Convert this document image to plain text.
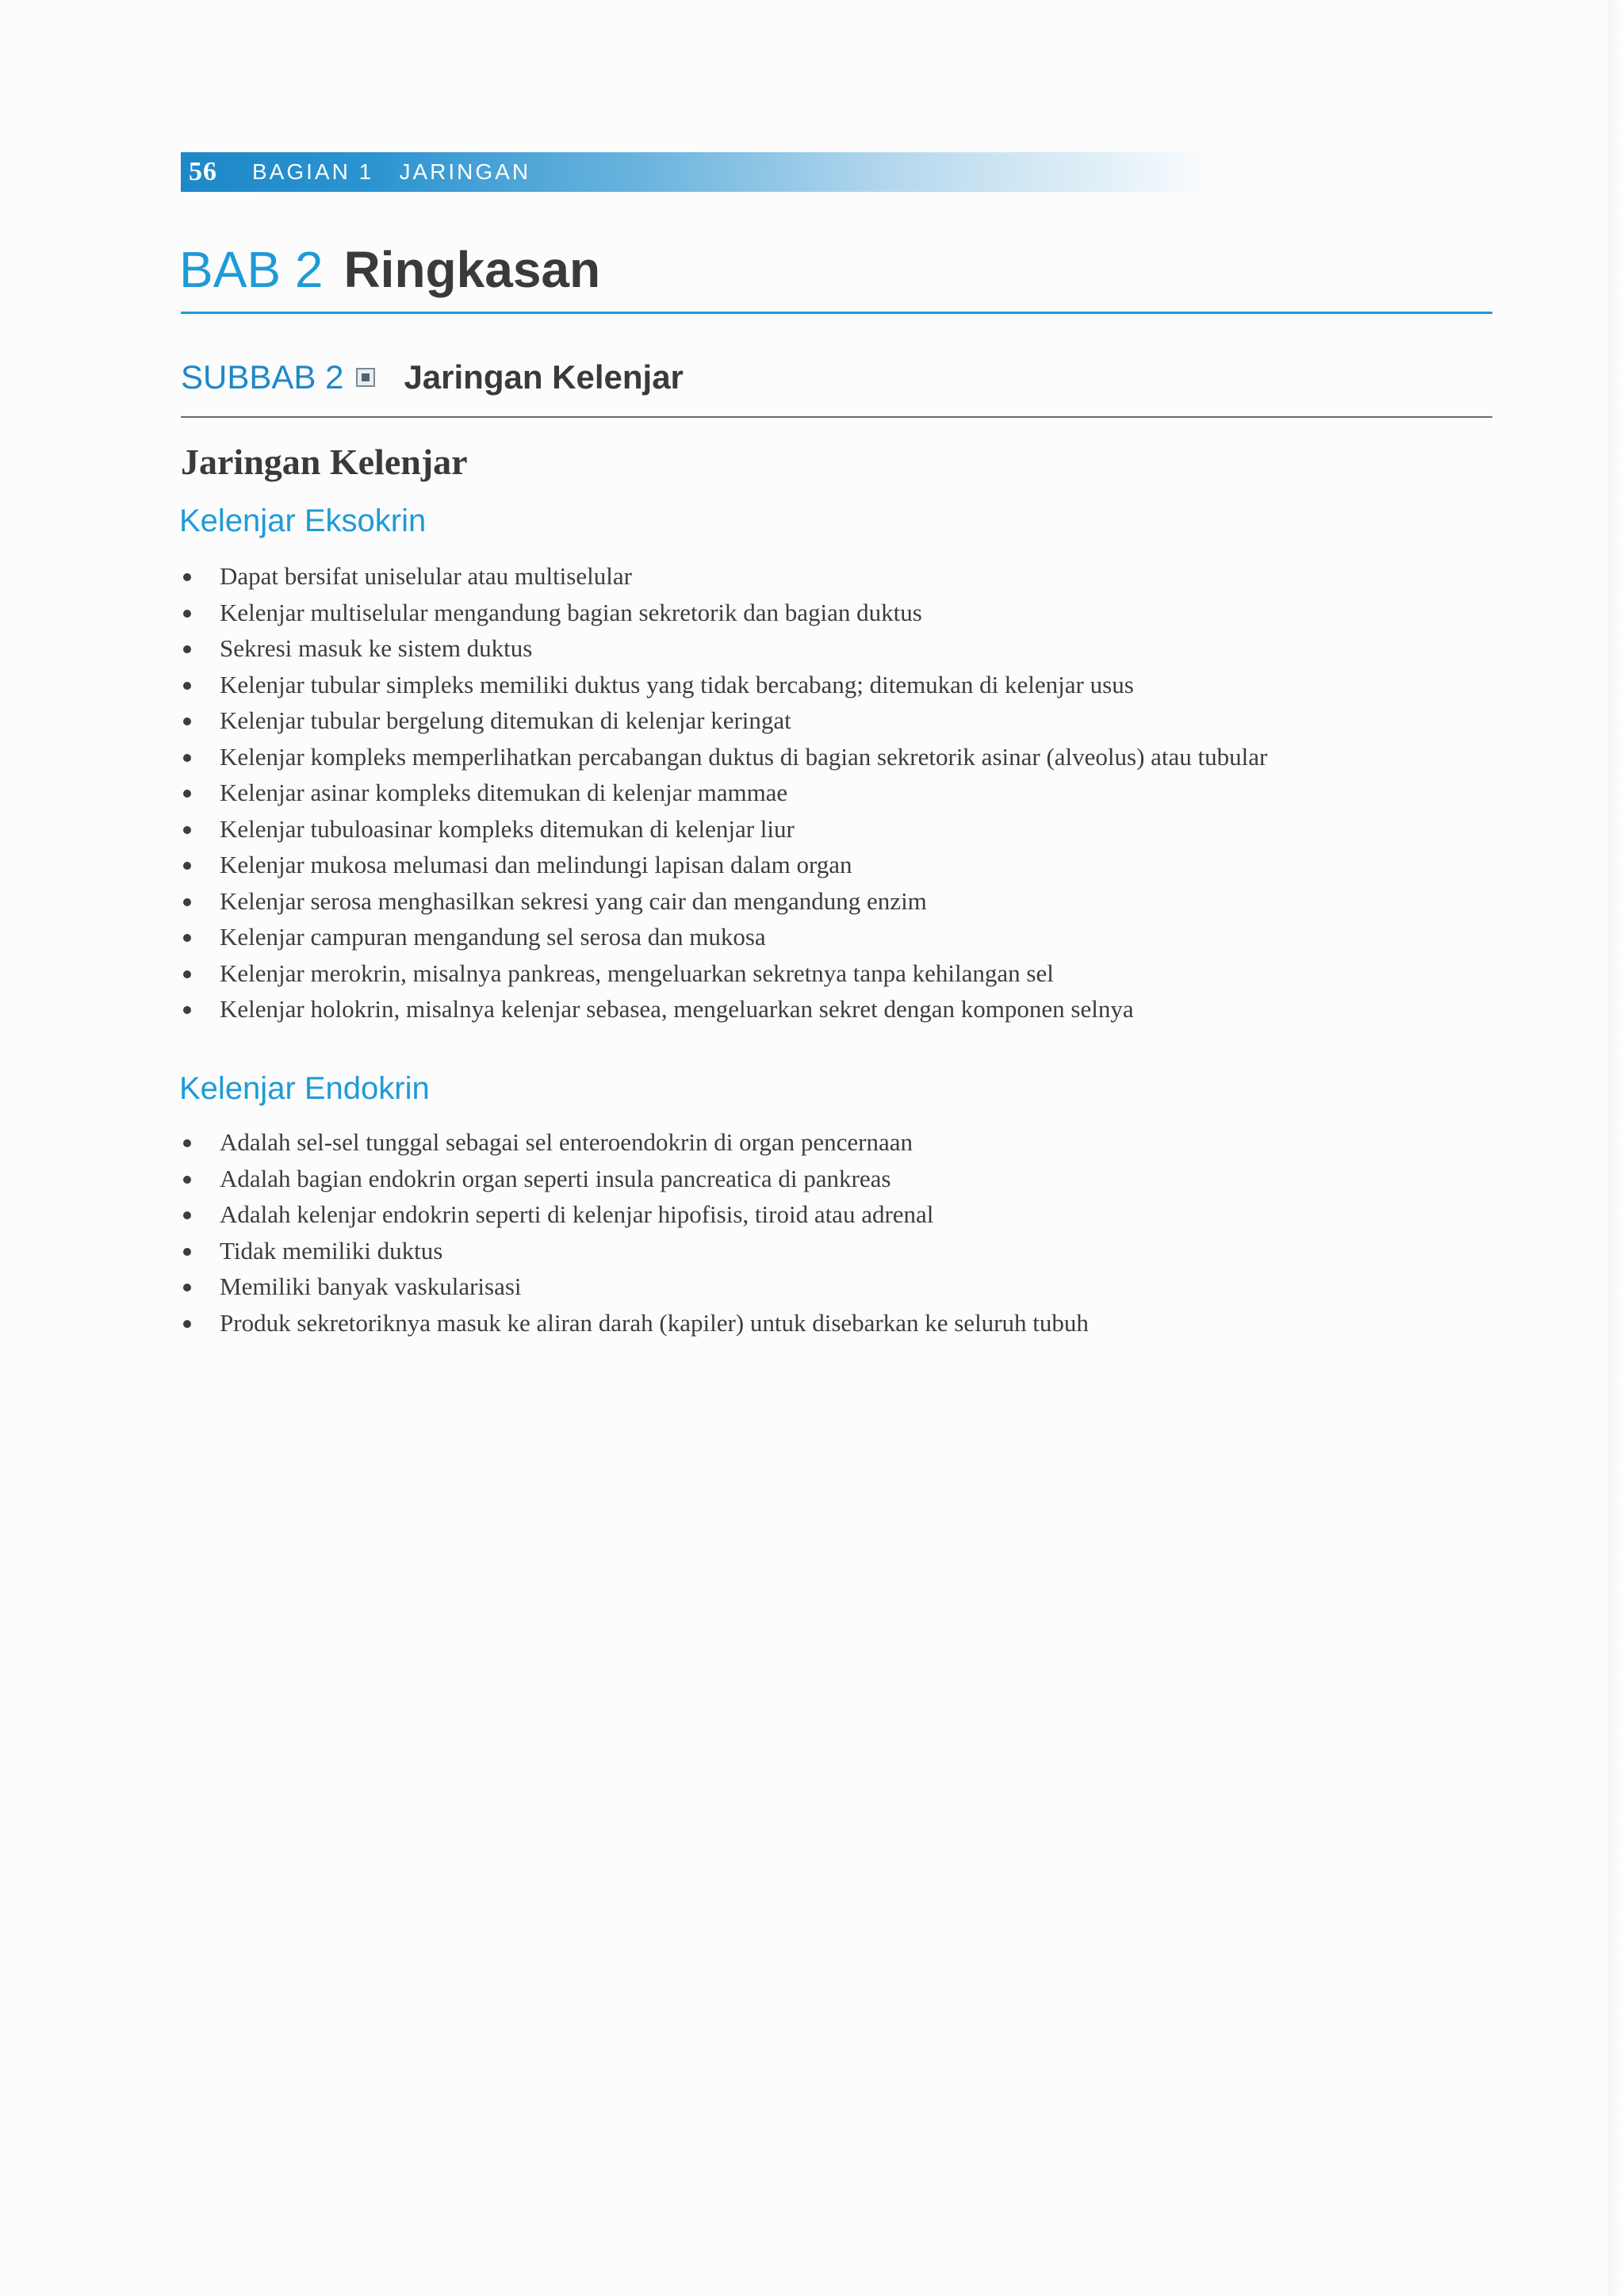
56 BAGIAN 1   JARINGAN
BAB 2 Ringkasan
SUBBAB 2 Jaringan Kelenjar
Jaringan Kelenjar
Kelenjar Eksokrin
Dapat bersifat uniselular atau multiselular
Kelenjar multiselular mengandung bagian sekretorik dan bagian duktus
Sekresi masuk ke sistem duktus
Kelenjar tubular simpleks memiliki duktus yang tidak bercabang; ditemukan di kelenjar usus
Kelenjar tubular bergelung ditemukan di kelenjar keringat
Kelenjar kompleks memperlihatkan percabangan duktus di bagian sekretorik asinar (alveolus) atau tubular
Kelenjar asinar kompleks ditemukan di kelenjar mammae
Kelenjar tubuloasinar kompleks ditemukan di kelenjar liur
Kelenjar mukosa melumasi dan melindungi lapisan dalam organ
Kelenjar serosa menghasilkan sekresi yang cair dan mengandung enzim
Kelenjar campuran mengandung sel serosa dan mukosa
Kelenjar merokrin, misalnya pankreas, mengeluarkan sekretnya tanpa kehilangan sel
Kelenjar holokrin, misalnya kelenjar sebasea, mengeluarkan sekret dengan komponen selnya
Kelenjar Endokrin
Adalah sel-sel tunggal sebagai sel enteroendokrin di organ pencernaan
Adalah bagian endokrin organ seperti insula pancreatica di pankreas
Adalah kelenjar endokrin seperti di kelenjar hipofisis, tiroid atau adrenal
Tidak memiliki duktus
Memiliki banyak vaskularisasi
Produk sekretoriknya masuk ke aliran darah (kapiler) untuk disebarkan ke seluruh tubuh
